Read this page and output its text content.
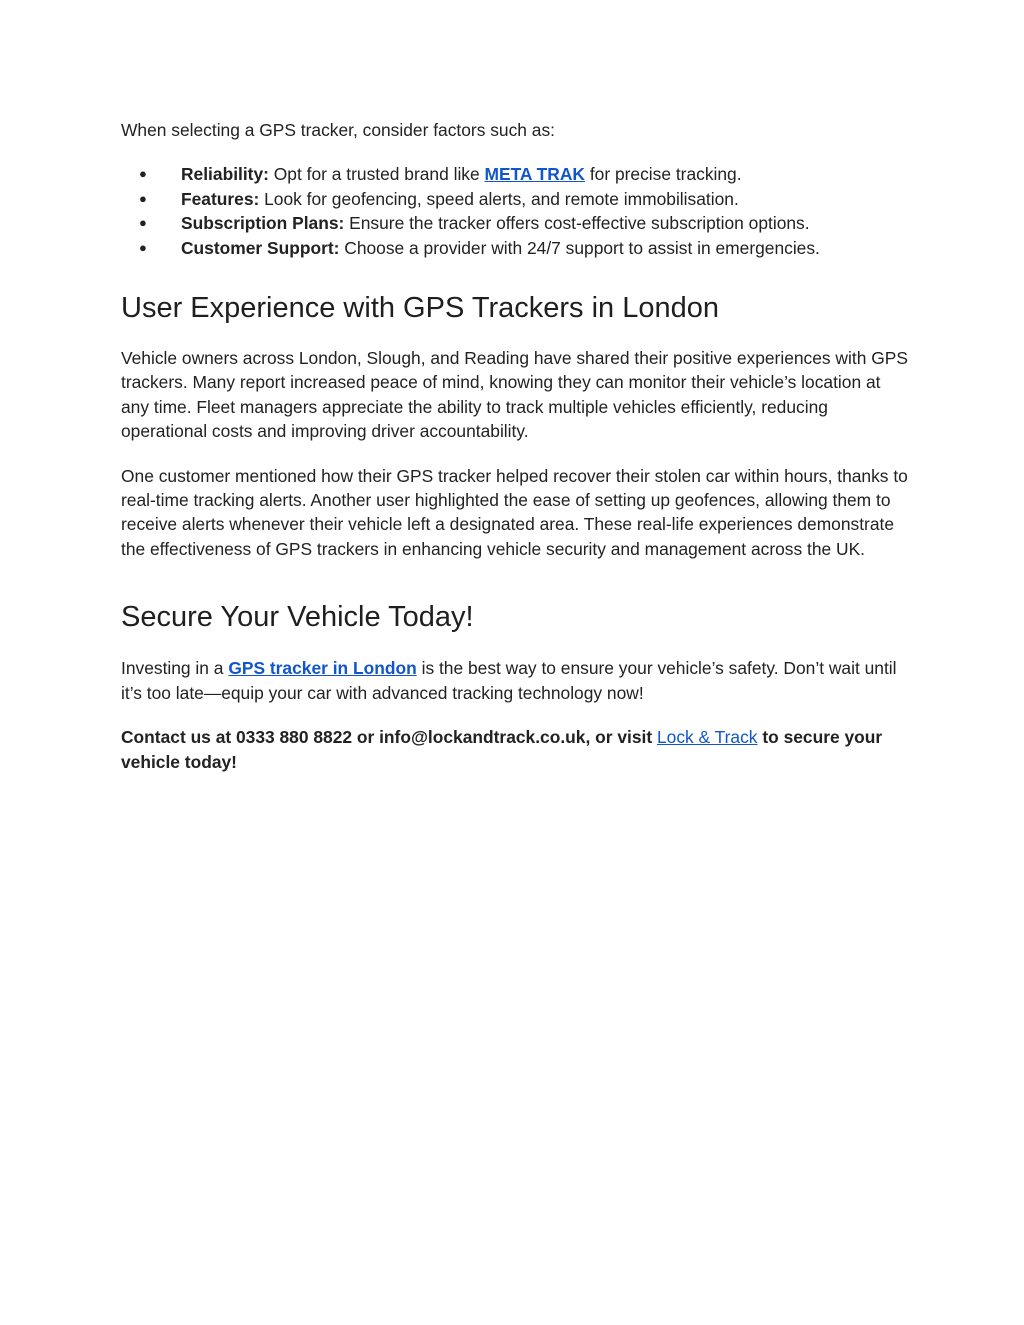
When selecting a GPS tracker, consider factors such as:

● Reliability: Opt for a trusted brand like META TRAK for precise tracking.
● Features: Look for geofencing, speed alerts, and remote immobilisation.
● Subscription Plans: Ensure the tracker offers cost-effective subscription options.
● Customer Support: Choose a provider with 24/7 support to assist in emergencies.
User Experience with GPS Trackers in London

Vehicle owners across London, Slough, and Reading have shared their positive experiences with GPS trackers. Many report increased peace of mind, knowing they can monitor their vehicle’s location at any time. Fleet managers appreciate the ability to track multiple vehicles efficiently, reducing operational costs and improving driver accountability.

One customer mentioned how their GPS tracker helped recover their stolen car within hours, thanks to real-time tracking alerts. Another user highlighted the ease of setting up geofences, allowing them to receive alerts whenever their vehicle left a designated area. These real-life experiences demonstrate the effectiveness of GPS trackers in enhancing vehicle security and management across the UK.

Secure Your Vehicle Today!

Investing in a GPS tracker in London is the best way to ensure your vehicle’s safety. Don’t wait until it’s too late—equip your car with advanced tracking technology now!

Contact us at 0333 880 8822 or info@lockandtrack.co.uk, or visit Lock & Track to secure your vehicle today!
